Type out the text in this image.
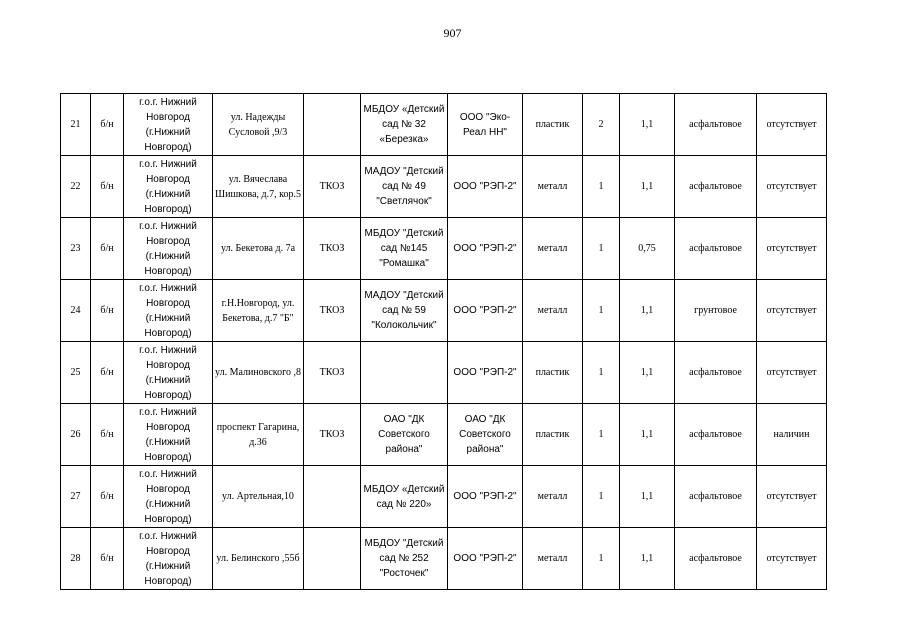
907
21	б/н	г.о.г. Нижний Новгород (г.Нижний Новгород)	ул. Надежды Сусловой ,9/3		МБДОУ «Детский сад № 32 «Березка»	ООО "Эко-Реал НН"	пластик	2	1,1	асфальтовое	отсутствует
22	б/н	г.о.г. Нижний Новгород (г.Нижний Новгород)	ул. Вячеслава Шишкова, д.7, кор.5	ТКОЗ	МАДОУ "Детский сад № 49 "Светлячок"	ООО "РЭП-2"	металл	1	1,1	асфальтовое	отсутствует
23	б/н	г.о.г. Нижний Новгород (г.Нижний Новгород)	ул. Бекетова д. 7а	ТКОЗ	МБДОУ "Детский сад №145 "Ромашка"	ООО "РЭП-2"	металл	1	0,75	асфальтовое	отсутствует
24	б/н	г.о.г. Нижний Новгород (г.Нижний Новгород)	г.Н.Новгород, ул. Бекетова, д.7 "Б"	ТКОЗ	МАДОУ "Детский сад № 59 "Колокольчик"	ООО "РЭП-2"	металл	1	1,1	грунтовое	отсутствует
25	б/н	г.о.г. Нижний Новгород (г.Нижний Новгород)	ул. Малиновского ,8	ТКОЗ		ООО "РЭП-2"	пластик	1	1,1	асфальтовое	отсутствует
26	б/н	г.о.г. Нижний Новгород (г.Нижний Новгород)	проспект Гагарина, д.36	ТКОЗ	ОАО "ДК Советского района"	ОАО "ДК Советского района"	пластик	1	1,1	асфальтовое	наличин
27	б/н	г.о.г. Нижний Новгород (г.Нижний Новгород)	ул. Артельная,10		МБДОУ «Детский сад № 220»	ООО "РЭП-2"	металл	1	1,1	асфальтовое	отсутствует
28	б/н	г.о.г. Нижний Новгород (г.Нижний Новгород)	ул. Белинского ,55б		МБДОУ "Детский сад № 252 "Росточек"	ООО "РЭП-2"	металл	1	1,1	асфальтовое	отсутствует
